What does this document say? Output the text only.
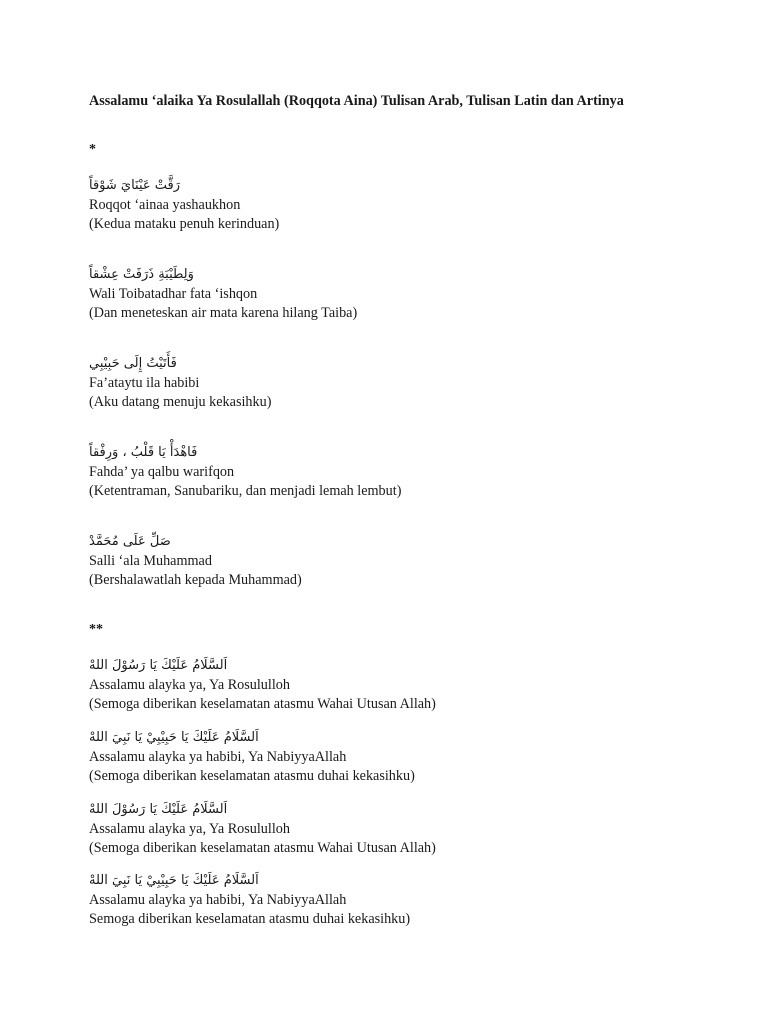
Assalamu ‘alaika Ya Rosulallah (Roqqota Aina) Tulisan Arab, Tulisan Latin dan Artinya
*
رَقَّتْ عَيْنَايَ شَوْقاً
Roqqot ‘ainaa yashaukhon
(Kedua mataku penuh kerinduan)
وَلِطَيْبَةِ ذَرَفَتْ عِشْقاً
Wali Toibatadhar fata ‘ishqon
(Dan meneteskan air mata karena hilang Taiba)
فَأَتَيْتُ إِلَى حَبِيْبِي
Fa’ataytu ila habibi
(Aku datang menuju kekasihku)
فَاهْدَأْ يَا قَلْبُ ، وَرِفْقاً
Fahda’ ya qalbu warifqon
(Ketentraman, Sanubariku, dan menjadi lemah lembut)
صَلِّ عَلَى مُحَمَّدْ
Salli ‘ala Muhammad
(Bershalawatlah kepada Muhammad)
**
اَلسَّلَامُ عَلَيْكَ يَا رَسُوْلَ اللهْ
Assalamu alayka ya, Ya Rosululloh
(Semoga diberikan keselamatan atasmu Wahai Utusan Allah)
اَلسَّلَامُ عَلَيْكَ يَا حَبِيْبِيْ يَا نَبِيَ اللهْ
Assalamu alayka ya habibi, Ya NabiyyaAllah
(Semoga diberikan keselamatan atasmu duhai kekasihku)
اَلسَّلَامُ عَلَيْكَ يَا رَسُوْلَ اللهْ
Assalamu alayka ya, Ya Rosululloh
(Semoga diberikan keselamatan atasmu Wahai Utusan Allah)
اَلسَّلَامُ عَلَيْكَ يَا حَبِيْبِيْ يَا نَبِيَ اللهْ
Assalamu alayka ya habibi, Ya NabiyyaAllah
Semoga diberikan keselamatan atasmu duhai kekasihku)
